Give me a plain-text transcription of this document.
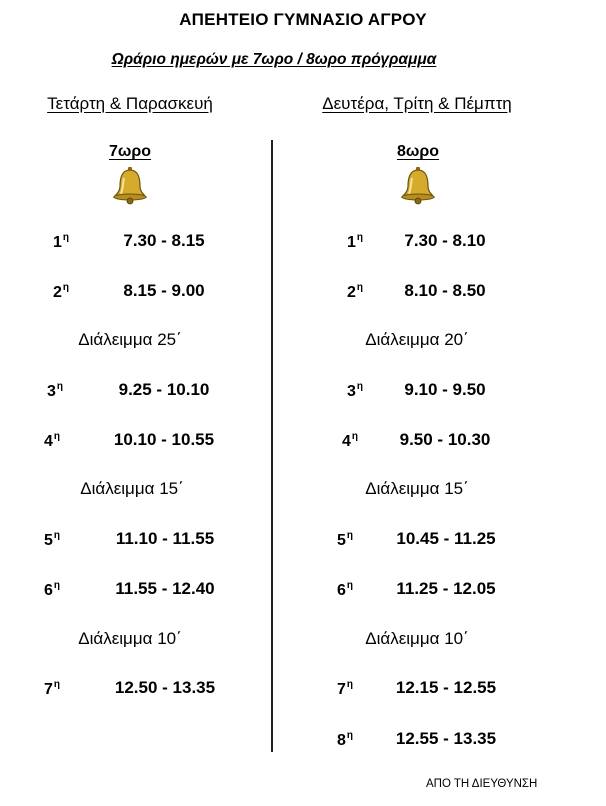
ΑΠΕΗΤΕΙΟ ΓΥΜΝΑΣΙΟ ΑΓΡΟΥ
Ωράριο ημερών με 7ωρο / 8ωρο πρόγραμμα
Τετάρτη & Παρασκευή	Δευτέρα, Τρίτη & Πέμπτη
7ωρο	8ωρο
$1^\eta$	7.30 - 8.15
$2^\eta$	8.15 - 9.00
Διάλειμμα 25΄
$3^\eta$	9.25 - 10.10
$4^\eta$	10.10 - 10.55
Διάλειμμα 15΄
$5^\eta$	11.10 - 11.55
$6^\eta$	11.55 - 12.40
Διάλειμμα 10΄
$7^\eta$	12.50 - 13.35
$1^\eta$ 7.30 - 8.10
$2^\eta$ 8.10 - 8.50
Διάλειμμα 20΄
$3^\eta$ 9.10 - 9.50
$4^\eta$ 9.50 - 10.30
Διάλειμμα 15΄
$5^\eta$	10.45 - 11.25
$6^\eta$	11.25 - 12.05
Διάλειμμα 10΄
$7^\eta$	12.15 - 12.55
$8^\eta$	12.55 - 13.35
ΑΠΟ ΤΗ ΔΙΕΥΘΥΝΣΗ
